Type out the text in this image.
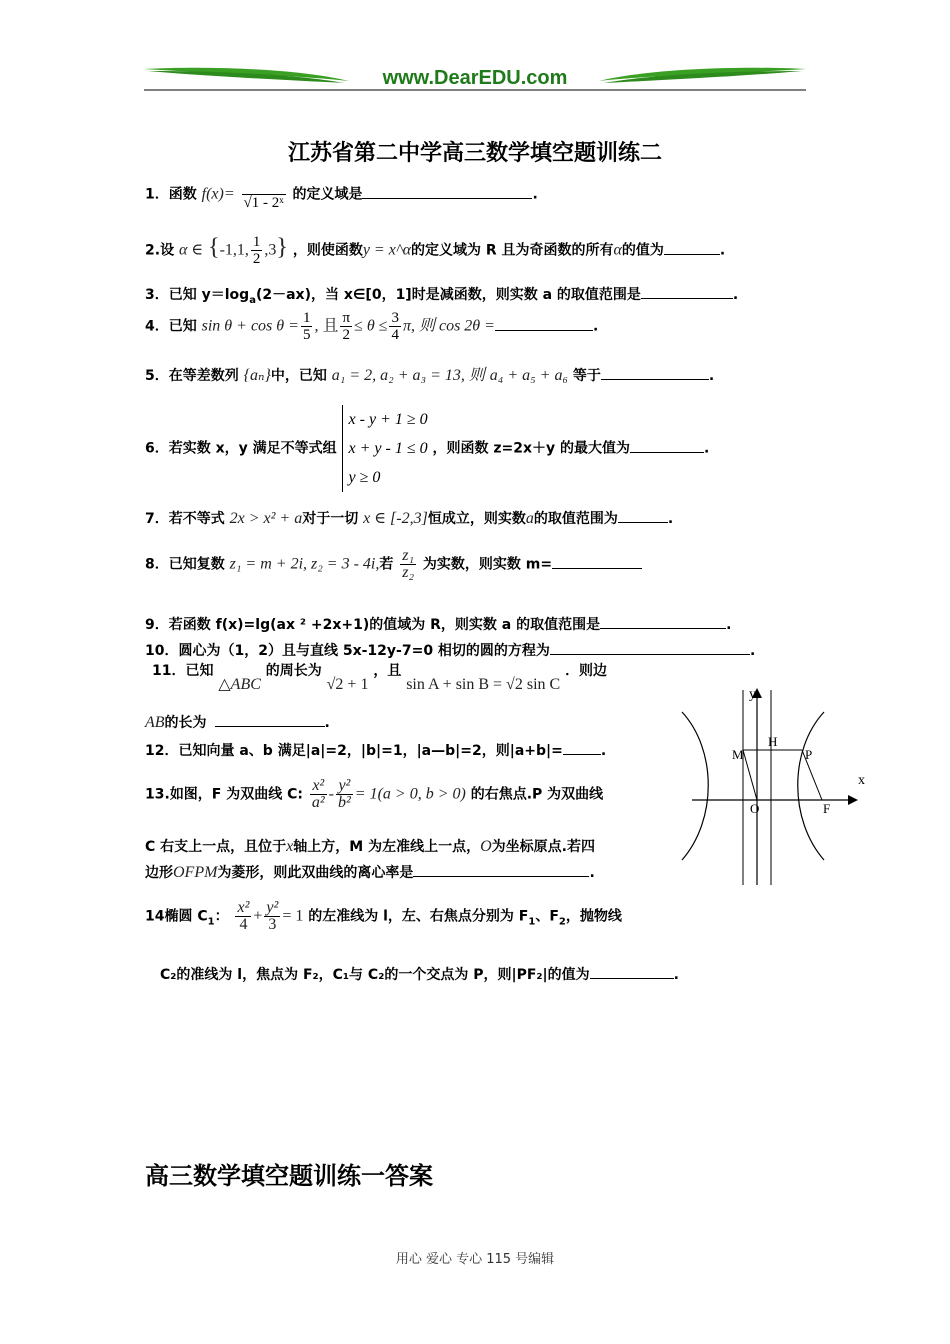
www.DearEDU.com
江苏省第二中学高三数学填空题训练二
1．函数 f(x)=

√1 - 2ˣ
的定义域是	.
2.设 α ∈ {-1,1, $\frac{1}{2} ,3$} ，则使函数y = x^α的定义域为 R 且为奇函数的所有α的值为	.
3．已知 $y=\log_a(2-ax)$，当 x∈[0，1]时是减函数，则实数 a 的取值范围是	.
4．已知 $\sin \theta + \cos \theta = \frac{1}{5}$ , 且 $\frac{\pi}{2} \le \theta \le \frac{3}{4} \pi$, 则 cos 2θ =	.
5．在等差数列 {aₙ}中，已知 a₁ = 2, a₂ + a₃ = 13, 则 a₄ + a₅ + a₆ 等于	.
6．若实数 x，y 满足不等式组
x - y + 1 ≥ 0
x + y - 1 ≤ 0
y ≥ 0
，则函数 z=2x＋y 的最大值为	.
7．若不等式 2x > x² + a对于一切 x ∈ [-2,3]恒成立，则实数a的取值范围为	.
8．已知复数 z₁ = m + 2i, z₂ = 3 - 4i,若 $\frac{\text{z₁}}{\text{z₂}}$ 为实数，则实数 m=
9．若函数 f(x)=lg(ax ² +2x+1)的值域为 R，则实数 a 的取值范围是	.
10．圆心为（1，2）且与直线 5x-12y-7=0 相切的圆的方程为	.
11．已知 △ABC 的周长为 √2 + 1 ，且 sin A + sin B = √2 sin C ．则边
AB的长为	.
12．已知向量 a、b 满足|a|=2，|b|=1，|a—b|=2，则|a+b|=	.
13.如图，F 为双曲线 C: $\frac{\text{x²}}{\text{a²}} - \frac{\text{y²}}{\text{b²}} = 1(a > 0$, b > 0) 的右焦点.P 为双曲线
C 右支上一点，且位于x轴上方，M 为左准线上一点，O为坐标原点.若四
边形OFPM为菱形，则此双曲线的离心率是	.
14椭圆 $C_1$： $\frac{\text{x²}}{4} + \frac{\text{y²}}{3} = 1$ 的左准线为 l，左、右焦点分别为 $F_1$、$F_2$，抛物线
C₂的准线为 l，焦点为 F₂，C₁与 C₂的一个交点为 P，则|PF₂|的值为	.
y
x
H
M	P
O	F
高三数学填空题训练一答案
用心 爱心 专心 115 号编辑
